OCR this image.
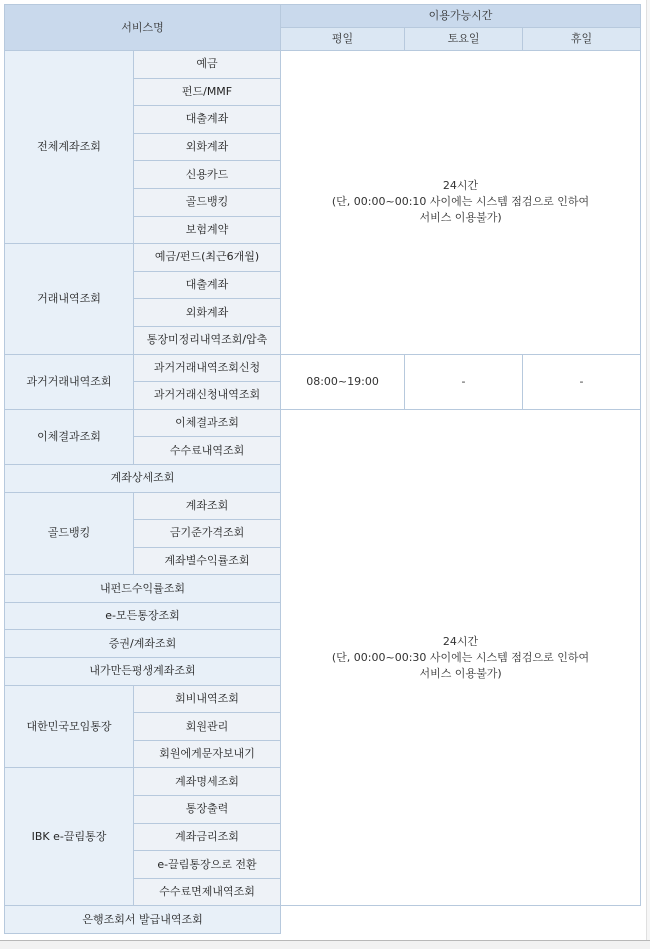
서비스명		이용가능시간		
		평일	토요일	휴일
전체계좌조회	예금	24시간
(단, 00:00~00:10 사이에는 시스템 점검으로 인하여
서비스 이용불가)		

	펀드/MMF			
	대출계좌			
	외화계좌			
	신용카드			
	골드뱅킹			
	보험계약			
거래내역조회	예금/펀드(최근6개월)			
	대출계좌			
	외화계좌			
	통장미정리내역조회/압축			
과거거래내역조회	과거거래내역조회신청	08:00~19:00	-	-
	과거거래신청내역조회			
이체결과조회	이체결과조회	24시간
(단, 00:00~00:30 사이에는 시스템 점검으로 인하여
서비스 이용불가)		

	수수료내역조회			
계좌상세조회				
골드뱅킹	계좌조회			
	금기준가격조회			
	계좌별수익률조회			
내펀드수익률조회				
e-모든통장조회				
증권/계좌조회				
내가만든평생계좌조회				
대한민국모임통장	회비내역조회			
	회원관리			
	회원에게문자보내기			
IBK e-끌림통장	계좌명세조회			
	통장출력			
	계좌금리조회			
	e-끌림통장으로 전환			
	수수료면제내역조회			
은행조회서 발급내역조회				
